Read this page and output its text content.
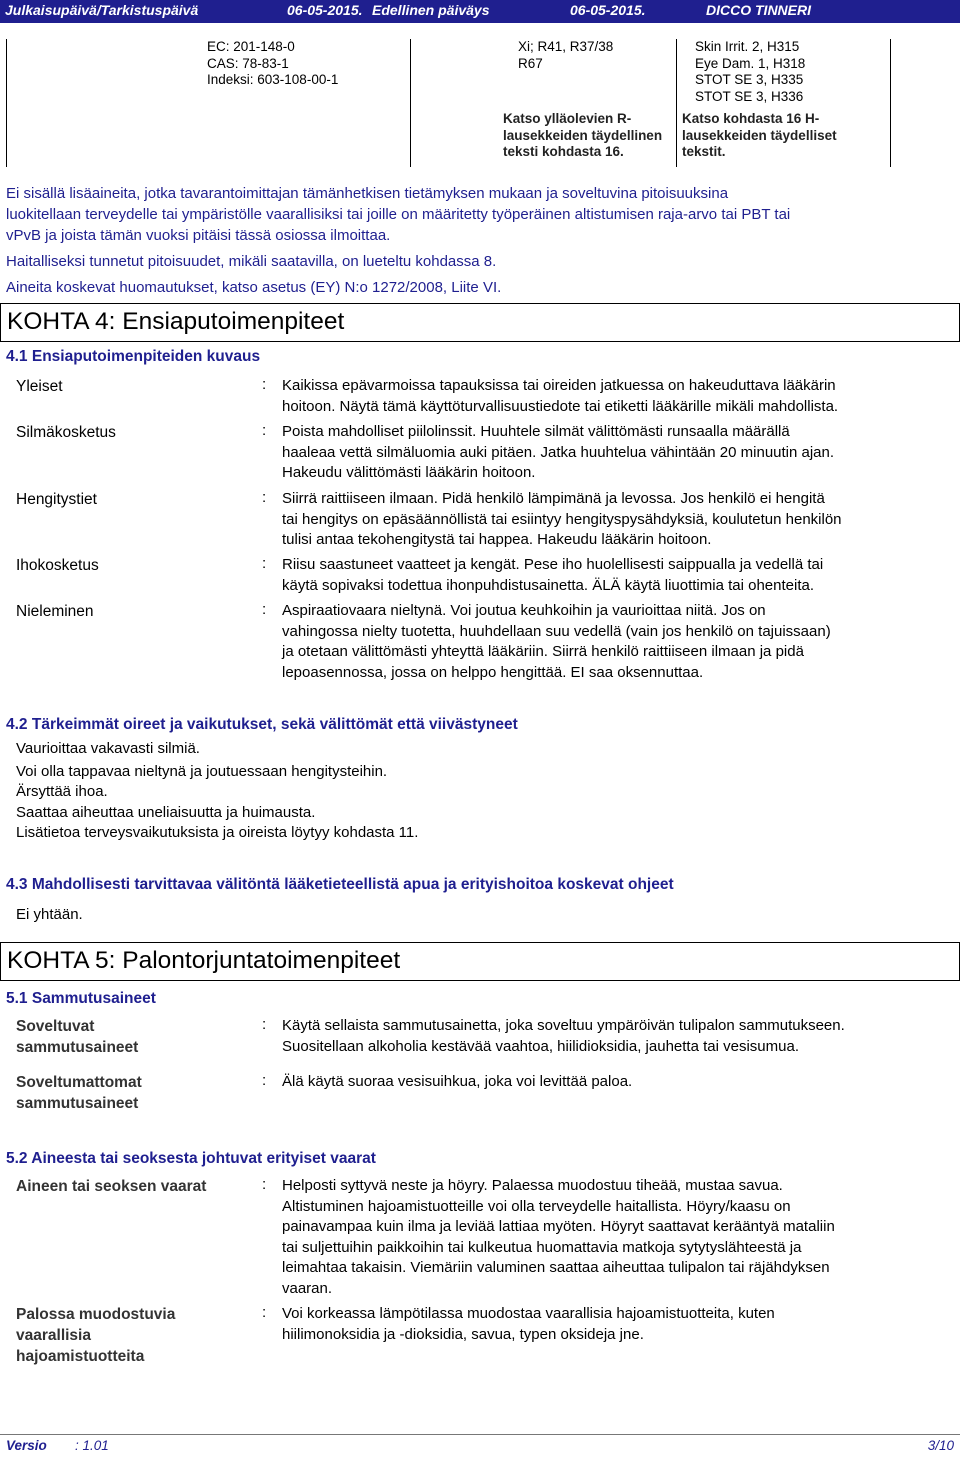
Julkaisupäivä/Tarkistuspäivä	06-05-2015. Edellinen päiväys	06-05-2015.	DICCO TINNERI
EC: 201-148-0
CAS: 78-83-1
Indeksi: 603-108-00-1
Xi; R41, R37/38
R67
Katso ylläolevien R-
lausekkeiden täydellinen
teksti kohdasta 16.
Skin Irrit. 2, H315
Eye Dam. 1, H318
STOT SE 3, H335
STOT SE 3, H336
Katso kohdasta 16 H-
lausekkeiden täydelliset
tekstit.
Ei sisällä lisäaineita, jotka tavarantoimittajan tämänhetkisen tietämyksen mukaan ja soveltuvina pitoisuuksina
luokitellaan terveydelle tai ympäristölle vaarallisiksi tai joille on määritetty työperäinen altistumisen raja-arvo tai PBT tai
vPvB ja joista tämän vuoksi pitäisi tässä osiossa ilmoittaa.
Haitalliseksi tunnetut pitoisuudet, mikäli saatavilla, on lueteltu kohdassa 8.
Aineita koskevat huomautukset, katso asetus (EY) N:o 1272/2008, Liite VI.
KOHTA 4: Ensiaputoimenpiteet
4.1 Ensiaputoimenpiteiden kuvaus
Yleiset	: Kaikissa epävarmoissa tapauksissa tai oireiden jatkuessa on hakeuduttava lääkärin
hoitoon. Näytä tämä käyttöturvallisuustiedote tai etiketti lääkärille mikäli mahdollista.
Silmäkosketus	: Poista mahdolliset piilolinssit. Huuhtele silmät välittömästi runsaalla määrällä
haaleaa vettä silmäluomia auki pitäen. Jatka huuhtelua vähintään 20 minuutin ajan.
Hakeudu välittömästi lääkärin hoitoon.
Hengitystiet	: Siirrä raittiiseen ilmaan. Pidä henkilö lämpimänä ja levossa. Jos henkilö ei hengitä
tai hengitys on epäsäännöllistä tai esiintyy hengityspysähdyksiä, koulutetun henkilön
tulisi antaa tekohengitystä tai happea. Hakeudu lääkärin hoitoon.
Ihokosketus	: Riisu saastuneet vaatteet ja kengät. Pese iho huolellisesti saippualla ja vedellä tai
käytä sopivaksi todettua ihonpuhdistusainetta. ÄLÄ käytä liuottimia tai ohenteita.
Nieleminen	: Aspiraatiovaara nieltynä. Voi joutua keuhkoihin ja vaurioittaa niitä. Jos on
vahingossa nielty tuotetta, huuhdellaan suu vedellä (vain jos henkilö on tajuissaan)
ja otetaan välittömästi yhteyttä lääkäriin. Siirrä henkilö raittiiseen ilmaan ja pidä
lepoasennossa, jossa on helppo hengittää. EI saa oksennuttaa.
4.2 Tärkeimmät oireet ja vaikutukset, sekä välittömät että viivästyneet
Vaurioittaa vakavasti silmiä.
Voi olla tappavaa nieltynä ja joutuessaan hengitysteihin.
Ärsyttää ihoa.
Saattaa aiheuttaa uneliaisuutta ja huimausta.
Lisätietoa terveysvaikutuksista ja oireista löytyy kohdasta 11.
4.3 Mahdollisesti tarvittavaa välitöntä lääketieteellistä apua ja erityishoitoa koskevat ohjeet
Ei yhtään.
KOHTA 5: Palontorjuntatoimenpiteet
5.1 Sammutusaineet
Soveltuvat
sammutusaineet
: Käytä sellaista sammutusainetta, joka soveltuu ympäröivän tulipalon sammutukseen.
Suositellaan alkoholia kestävää vaahtoa, hiilidioksidia, jauhetta tai vesisumua.
Soveltumattomat
sammutusaineet
: Älä käytä suoraa vesisuihkua, joka voi levittää paloa.
5.2 Aineesta tai seoksesta johtuvat erityiset vaarat
Aineen tai seoksen vaarat	: Helposti syttyvä neste ja höyry. Palaessa muodostuu tiheää, mustaa savua.
Altistuminen hajoamistuotteille voi olla terveydelle haitallista. Höyry/kaasu on
painavampaa kuin ilma ja leviää lattiaa myöten. Höyryt saattavat kerääntyä mataliin
tai suljettuihin paikkoihin tai kulkeutua huomattavia matkoja sytytyslähteestä ja
leimahtaa takaisin. Viemäriin valuminen saattaa aiheuttaa tulipalon tai räjähdyksen
vaaran.
Palossa muodostuvia
vaarallisia
hajoamistuotteita
: Voi korkeassa lämpötilassa muodostaa vaarallisia hajoamistuotteita, kuten
hiilimonoksidia ja -dioksidia, savua, typen oksideja jne.
Versio : 1.01	3/10
